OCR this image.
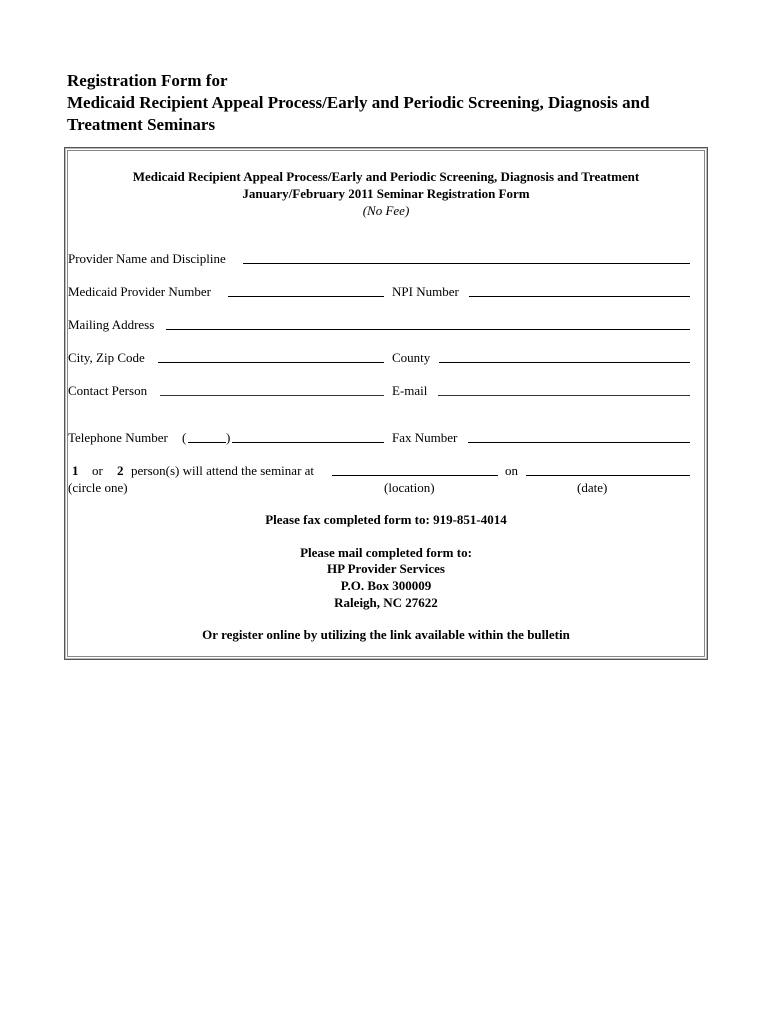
Registration Form for
Medicaid Recipient Appeal Process/Early and Periodic Screening, Diagnosis and
Treatment Seminars
Medicaid Recipient Appeal Process/Early and Periodic Screening, Diagnosis and Treatment
January/February 2011 Seminar Registration Form
(No Fee)
Provider Name and Discipline
Medicaid Provider Number	NPI Number
Mailing Address
City, Zip Code	County
Contact Person	E-mail
Telephone Number (	)	Fax Number
1 or 2 person(s) will attend the seminar at	on
(circle one)	(location)	(date)
Please fax completed form to: 919-851-4014
Please mail completed form to:
HP Provider Services
P.O. Box 300009
Raleigh, NC 27622
Or register online by utilizing the link available within the bulletin
